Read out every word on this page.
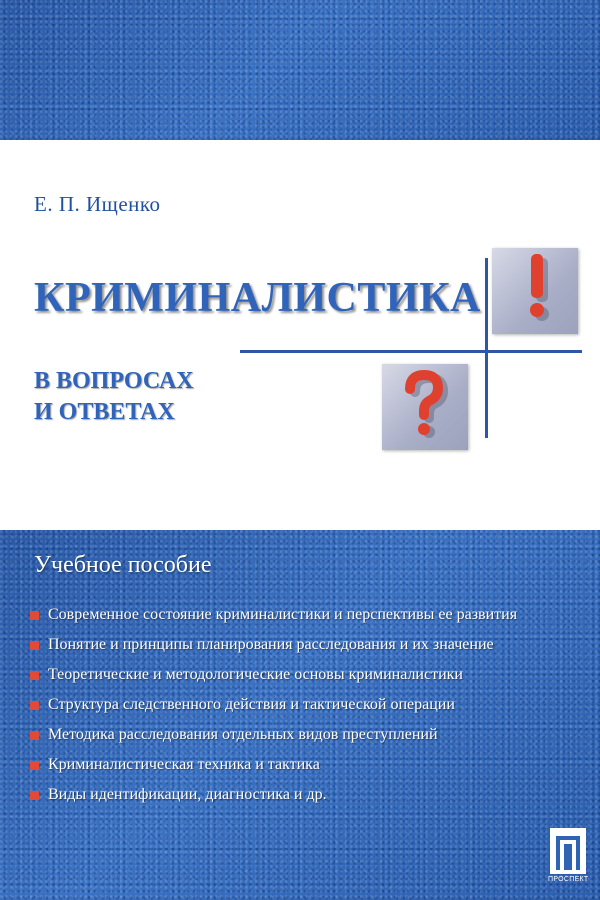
Е. П. Ищенко
КРИМИНАЛИСТИКА
В ВОПРОСАХ
И ОТВЕТАХ
Учебное пособие
Современное состояние криминалистики и перспективы ее развития
Понятие и принципы планирования расследования и их значение
Теоретические и методологические основы криминалистики
Структура следственного действия и тактической операции
Методика расследования отдельных видов преступлений
Криминалистическая техника и тактика
Виды идентификации, диагностика и др.
ПРОСПЕКТ
